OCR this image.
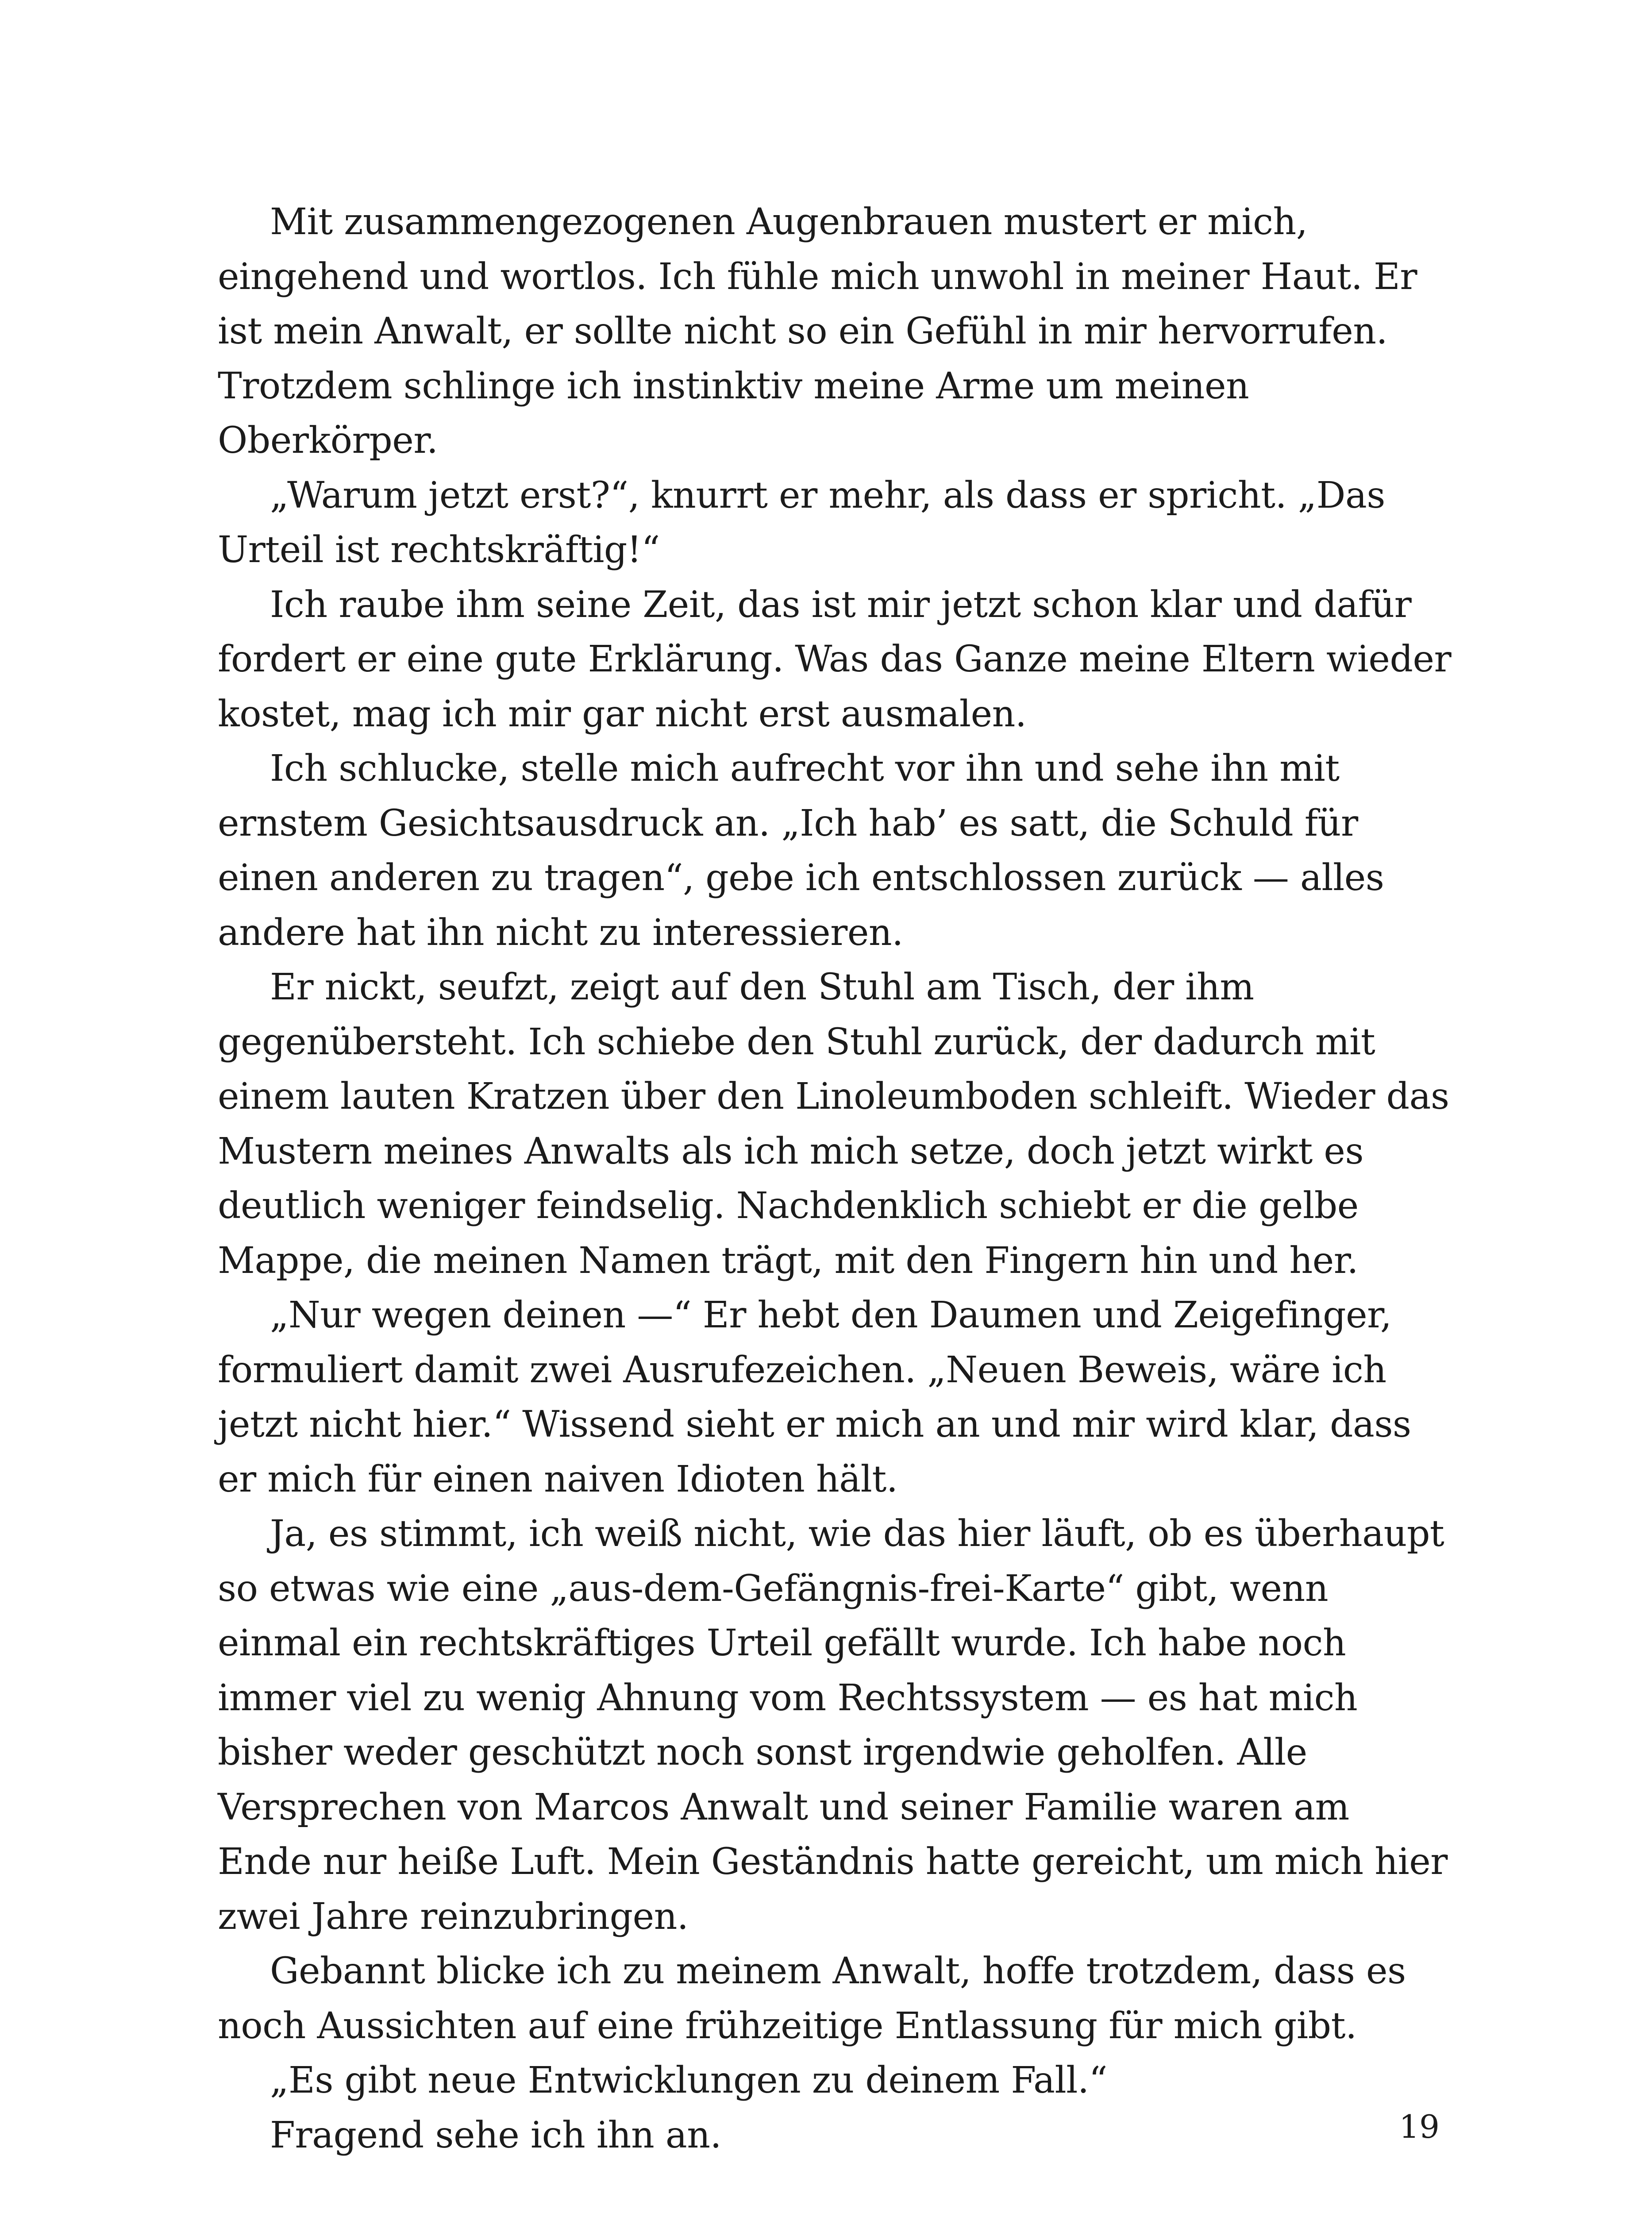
Mit zusammengezogenen Augenbrauen mustert er mich, eingehend und wortlos. Ich fühle mich unwohl in meiner Haut. Er ist mein Anwalt, er sollte nicht so ein Gefühl in mir hervorrufen. Trotzdem schlinge ich instinktiv meine Arme um meinen Oberkörper.

„Warum jetzt erst?“, knurrt er mehr, als dass er spricht. „Das Urteil ist rechtskräftig!“

Ich raube ihm seine Zeit, das ist mir jetzt schon klar und dafür fordert er eine gute Erklärung. Was das Ganze meine Eltern wieder kostet, mag ich mir gar nicht erst ausmalen.

Ich schlucke, stelle mich aufrecht vor ihn und sehe ihn mit ernstem Gesichtsausdruck an. „Ich hab’ es satt, die Schuld für einen anderen zu tragen“, gebe ich entschlossen zurück — alles andere hat ihn nicht zu interessieren.

Er nickt, seufzt, zeigt auf den Stuhl am Tisch, der ihm gegenübersteht. Ich schiebe den Stuhl zurück, der dadurch mit einem lauten Kratzen über den Linoleumboden schleift. Wieder das Mustern meines Anwalts als ich mich setze, doch jetzt wirkt es deutlich weniger feindselig. Nachdenklich schiebt er die gelbe Mappe, die meinen Namen trägt, mit den Fingern hin und her.

„Nur wegen deinen —“ Er hebt den Daumen und Zeigefinger, formuliert damit zwei Ausrufezeichen. „Neuen Beweis, wäre ich jetzt nicht hier.“ Wissend sieht er mich an und mir wird klar, dass er mich für einen naiven Idioten hält.

Ja, es stimmt, ich weiß nicht, wie das hier läuft, ob es überhaupt so etwas wie eine „aus-dem-Gefängnis-frei-Karte“ gibt, wenn einmal ein rechtskräftiges Urteil gefällt wurde. Ich habe noch immer viel zu wenig Ahnung vom Rechtssystem — es hat mich bisher weder geschützt noch sonst irgendwie geholfen. Alle Versprechen von Marcos Anwalt und seiner Familie waren am Ende nur heiße Luft. Mein Geständnis hatte gereicht, um mich hier zwei Jahre reinzubringen.

Gebannt blicke ich zu meinem Anwalt, hoffe trotzdem, dass es noch Aussichten auf eine frühzeitige Entlassung für mich gibt.

„Es gibt neue Entwicklungen zu deinem Fall.“

Fragend sehe ich ihn an.	19
